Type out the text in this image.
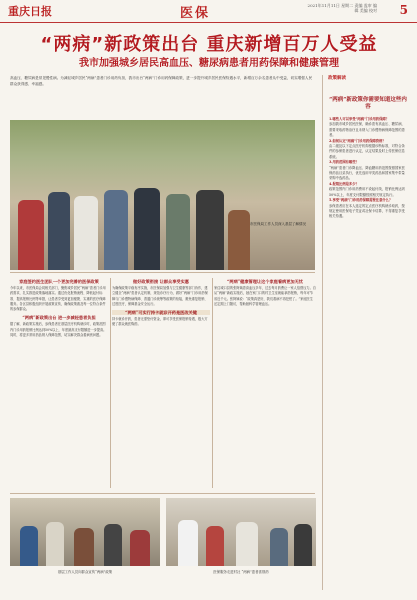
重庆日报	医保
2021年11月11日 星期二 责编 监审 编辑 美编 校对 5
“两病”新政策出台 重庆新增百万人受益
我市加强城乡居民高血压、糖尿病患者用药保障和健康管理
高血压、糖尿病是常见慢性病。为减轻城乡居民“两病”患者门诊用药负担，我市出台“两病”门诊用药保障政策，进一步提升城乡居民医保待遇水平，新增百万余名患者从中受益，切实增强人民群众获得感、幸福感。
市医保局工作人员深入基层了解情况
家庭签约医生团队一个更加完善的医保政策
今年以来，市医保局会同相关部门，聚焦城乡居民“两病”患者门诊用药需求，扎实推进政策落地落实。通过优化报销流程、降低起付标准、提高报销比例等举措，让患者享受到更加便捷、实惠的医疗保障服务。各区县积极组织开展政策宣传，确保政策惠及每一位符合条件的参保群众。
“两病”新政策出台 进一步减轻患者负担
据了解，新政策实施后，参保患者在基层医疗机构就诊时，政策范围内门诊用药报销比例达到50%以上，年度最高支付限额进一步提高。同时，将更多常用药品纳入保障范围，切实解决群众看病贵问题。
做好政策衔接 让群众享受实惠
为确保政策平稳有序实施，市医保局加强与卫生健康等部门协作，建立健全“两病”患者认定机制，规范诊疗行为，做好“两病”门诊用药保障与门诊慢特病保障、普通门诊统筹等政策的衔接，避免重复报销、过度医疗，保障基金安全运行。
“两病”可实行持卡就诊开药是医改关键
持卡就诊开药，患者无需垫付资金，即可享受医保报销待遇，极大方便了群众就医购药。
“两病”健康管理让这个家庭看病更加无忧
家住城口县的张阿姨患高血压多年，过去每月药费让一家人倍感压力。自从“两病”新政实施后，她在家门口的村卫生室就能拿药报销，每年可节省近千元。张阿姨说：“政策真是好，我们看病不再犯愁了。”家庭医生还定期上门随访，帮助她科学管理血压。
基层工作人员向群众宣传“两病”政策	医保服务走进村社 “两病”患者喜领药
政策解读
“两病”新政策你需要知道这些内容
1.哪些人可以享受“两病”门诊用药保障？
参加我市城乡居民医保，确诊患有高血压、糖尿病，需要采取药物治疗且未纳入门诊慢特病保障范围的患者。
2.如何认定“两病”门诊用药保障资格？
由二级及以下定点医疗机构根据诊断标准，对符合条件的参保患者进行认定，认定结果及时上传医保信息系统。
3.用药范围有哪些？
“两病”患者门诊降血压、降血糖用药范围按照国家医保药品目录执行，优先选用甲类药品和国家集中带量采购中选药品。
4.报销比例是多少？
政策范围内门诊用药费用不设起付线，报销比例达到50%以上，年度支付限额按照相关规定执行。
5.享受“两病”门诊用药保障需要注意什么？
参保患者应在本人选定的定点医疗机构就诊取药，按规定使用医保电子凭证或社保卡结算，不得重复享受相关待遇。
